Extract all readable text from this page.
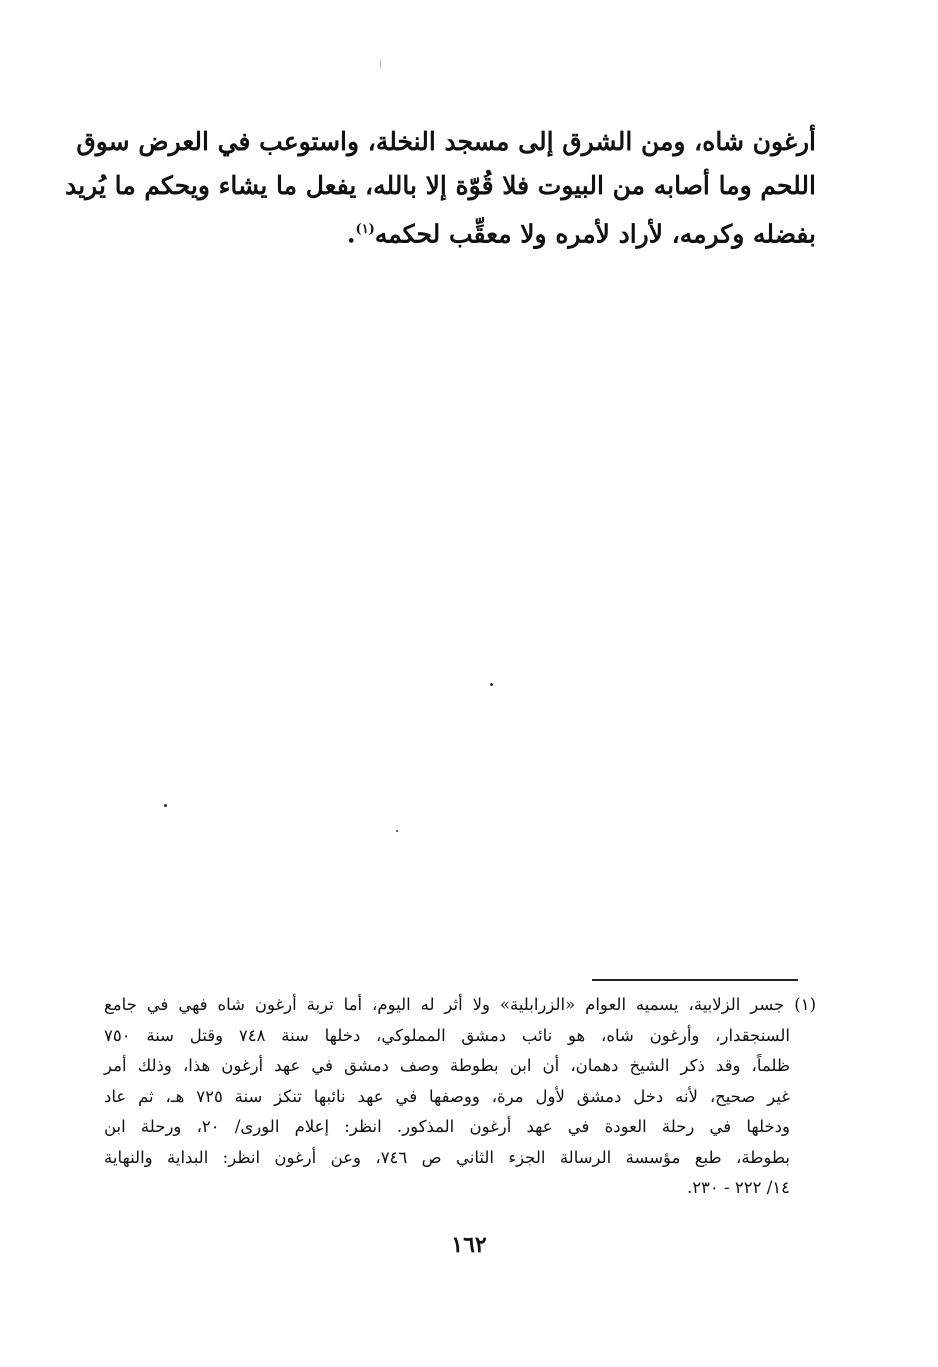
أرغون شاه، ومن الشرق إلى مسجد النخلة، واستوعب في العرض سوق
اللحم وما أصابه من البيوت فلا قُوّة إلا بالله، يفعل ما يشاء ويحكم ما يُريد
بفضله وكرمه، لأراد لأمره ولا معقِّب لحكمه$^{(١)}$.
(١) جسر الزلابية، يسميه العوام «الزرابلية» ولا أثر له اليوم، أما تربة أرغون شاه فهي في جامع
السنجقدار، وأرغون شاه، هو نائب دمشق المملوكي، دخلها سنة ٧٤٨ وقتل سنة ٧٥٠
ظلماً، وقد ذكر الشيخ دهمان، أن ابن بطوطة وصف دمشق في عهد أرغون هذا، وذلك أمر
غير صحيح، لأنه دخل دمشق لأول مرة، ووصفها في عهد نائبها تنكز سنة ٧٢٥ هـ، ثم عاد
ودخلها في رحلة العودة في عهد أرغون المذكور. انظر: إعلام الورى/ ٢٠، ورحلة ابن
بطوطة، طبع مؤسسة الرسالة الجزء الثاني ص ٧٤٦، وعن أرغون انظر: البداية والنهاية
١٤/ ٢٢٢ - ٢٣٠.
١٦٢
